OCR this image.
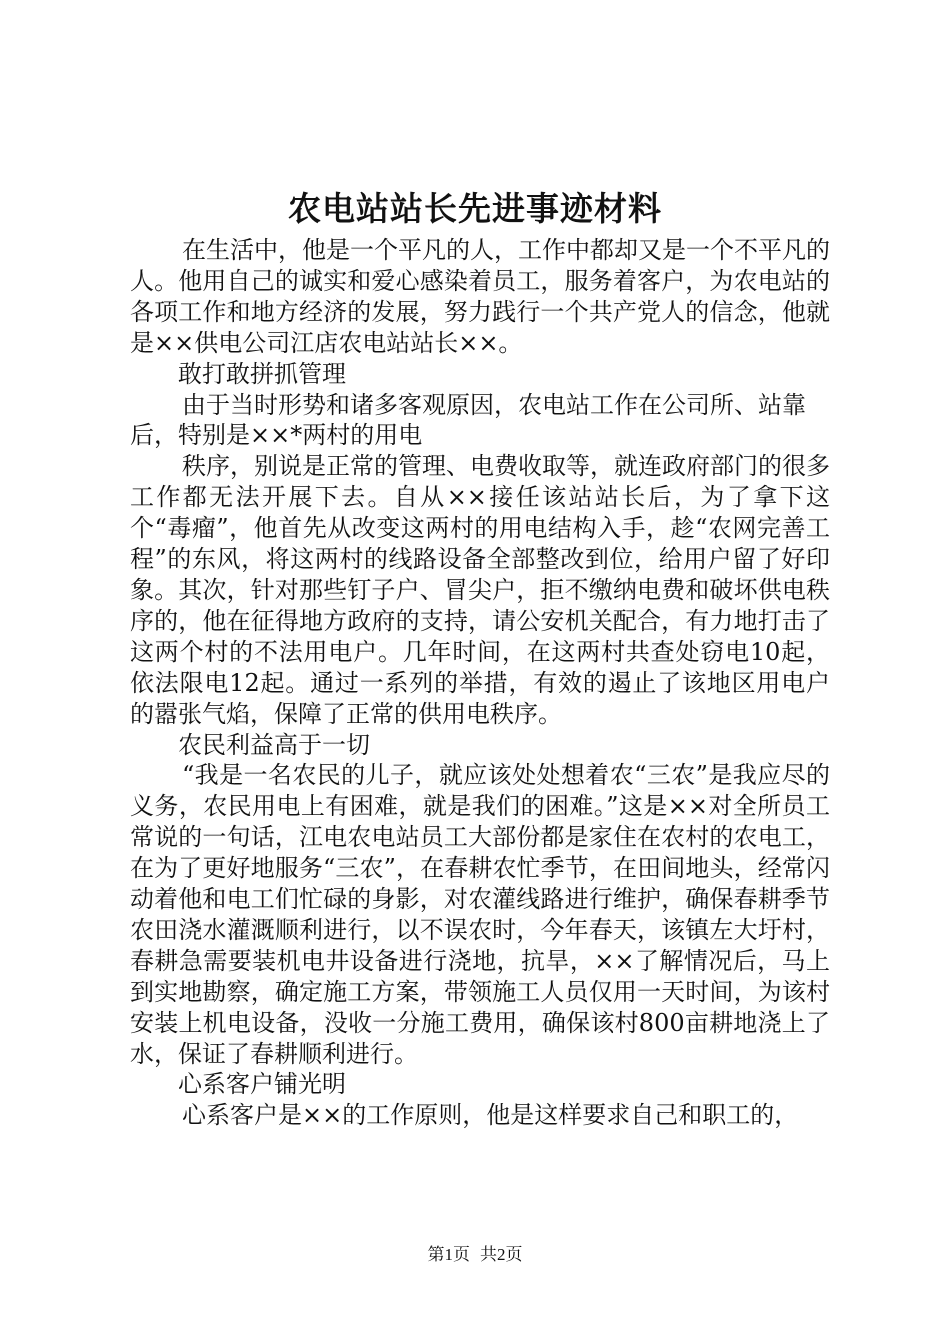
农电站站长先进事迹材料

在生活中，他是一个平凡的人，工作中都却又是一个不平凡的人。他用自己的诚实和爱心感染着员工，服务着客户，为农电站的各项工作和地方经济的发展，努力践行一个共产党人的信念，他就是××供电公司江店农电站站长××。

敢打敢拼抓管理

由于当时形势和诸多客观原因，农电站工作在公司所、站靠后，特别是××*两村的用电

秩序，别说是正常的管理、电费收取等，就连政府部门的很多工作都无法开展下去。自从××接任该站站长后，为了拿下这个“毒瘤”，他首先从改变这两村的用电结构入手，趁“农网完善工程”的东风，将这两村的线路设备全部整改到位，给用户留了好印象。其次，针对那些钉子户、冒尖户，拒不缴纳电费和破坏供电秩序的，他在征得地方政府的支持，请公安机关配合，有力地打击了这两个村的不法用电户。几年时间，在这两村共查处窃电10起，依法限电12起。通过一系列的举措，有效的遏止了该地区用电户的嚣张气焰，保障了正常的供用电秩序。

农民利益高于一切

“我是一名农民的儿子，就应该处处想着农“三农”是我应尽的义务，农民用电上有困难，就是我们的困难。”这是××对全所员工常说的一句话，江电农电站员工大部份都是家住在农村的农电工，在为了更好地服务“三农”，在春耕农忙季节，在田间地头，经常闪动着他和电工们忙碌的身影，对农灌线路进行维护，确保春耕季节农田浇水灌溉顺利进行，以不误农时，今年春天，该镇左大圩村，春耕急需要装机电井设备进行浇地，抗旱，××了解情况后，马上到实地勘察，确定施工方案，带领施工人员仅用一天时间，为该村安装上机电设备，没收一分施工费用，确保该村800亩耕地浇上了水，保证了春耕顺利进行。

心系客户铺光明

心系客户是××的工作原则，他是这样要求自己和职工的，

第1页 共2页
